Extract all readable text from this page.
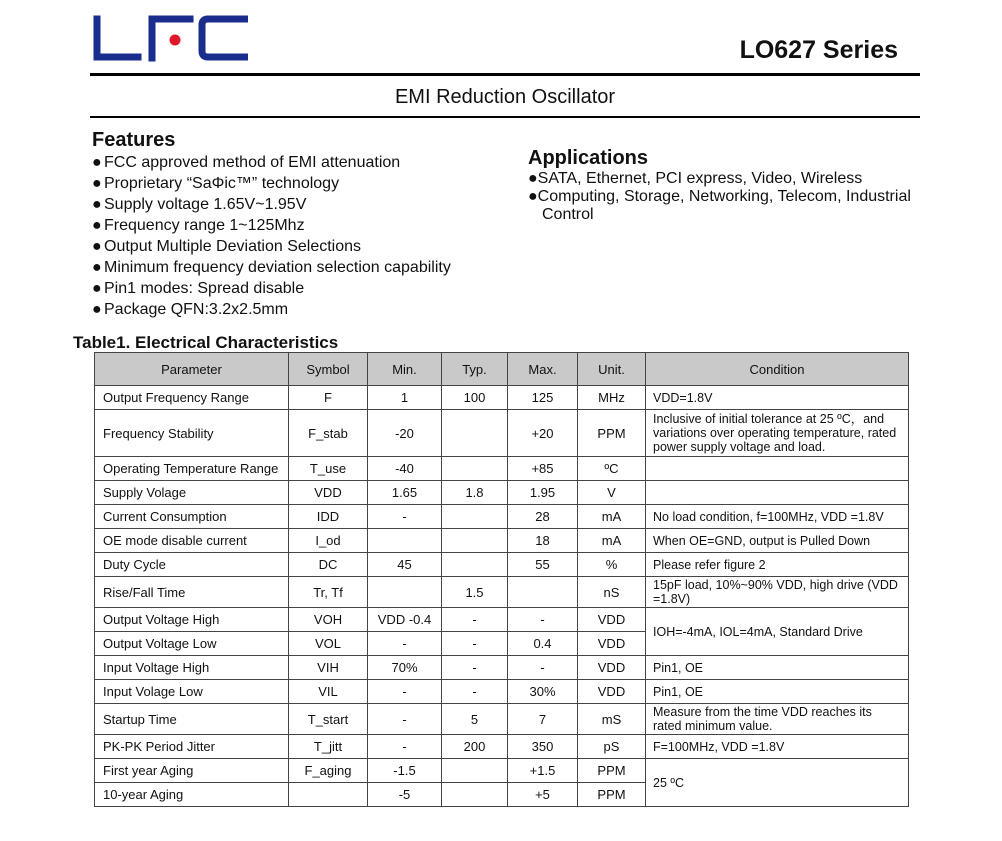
LO627 Series
EMI Reduction Oscillator
Features
● FCC approved method of EMI attenuation
● Proprietary “SaΦic™” technology
● Supply voltage 1.65V~1.95V
● Frequency range 1~125Mhz
● Output Multiple Deviation Selections
● Minimum frequency deviation selection capability
● Pin1 modes: Spread disable
● Package QFN:3.2x2.5mm
Applications
●SATA, Ethernet, PCI express, Video, Wireless
●Computing, Storage, Networking, Telecom, Industrial Control
Table1. Electrical Characteristics
Parameter	Symbol	Min.	Typ.	Max.	Unit.	Condition
Output Frequency Range	F	1	100	125	MHz	VDD=1.8V
Frequency Stability	F_stab	-20		+20	PPM	Inclusive of initial tolerance at 25 ºC，and variations over operating temperature, rated power supply voltage and load.
Operating Temperature Range	T_use	-40		+85	ºC	
Supply Volage	VDD	1.65	1.8	1.95	V	
Current Consumption	IDD	-		28	mA	No load condition, f=100MHz, VDD =1.8V
OE mode disable current	I_od			18	mA	When OE=GND, output is Pulled Down
Duty Cycle	DC	45		55	%	Please refer figure 2
Rise/Fall Time	Tr, Tf		1.5		nS	15pF load, 10%~90% VDD, high drive (VDD =1.8V)
Output Voltage High	VOH	VDD -0.4	-	-	VDD	IOH=-4mA, IOL=4mA, Standard Drive
Output Voltage Low	VOL	-	-	0.4	VDD	
Input Voltage High	VIH	70%	-	-	VDD	Pin1, OE
Input Volage Low	VIL	-	-	30%	VDD	Pin1, OE
Startup Time	T_start	-	5	7	mS	Measure from the time VDD reaches its rated minimum value.
PK-PK Period Jitter	T_jitt	-	200	350	pS	F=100MHz, VDD =1.8V
First year Aging	F_aging	-1.5		+1.5	PPM	25 ºC
10-year Aging		-5		+5	PPM	
